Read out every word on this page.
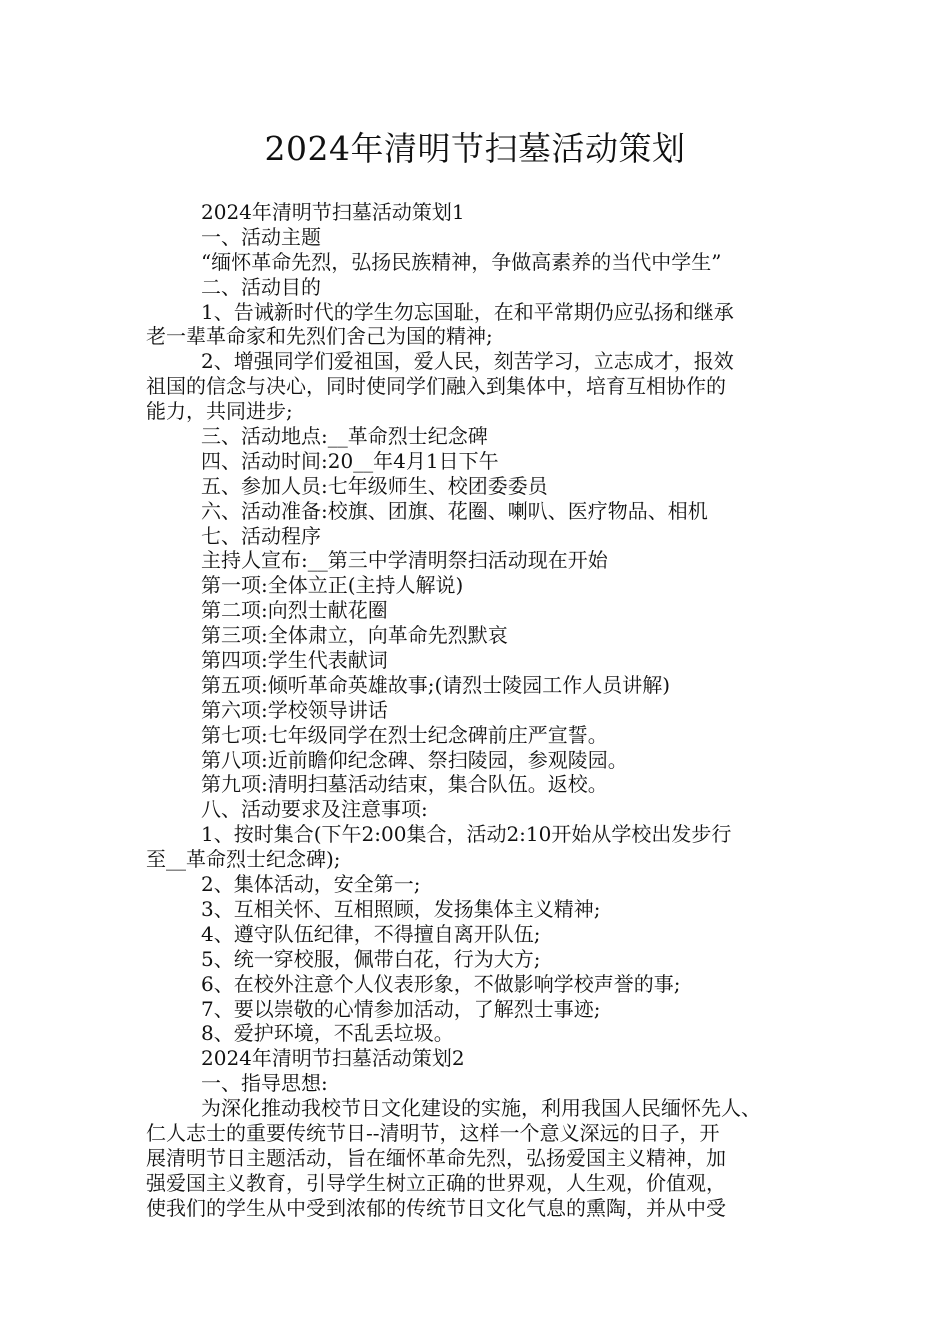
2024年清明节扫墓活动策划
2024年清明节扫墓活动策划1
一、活动主题
“缅怀革命先烈，弘扬民族精神，争做高素养的当代中学生”
二、活动目的
1、告诫新时代的学生勿忘国耻，在和平常期仍应弘扬和继承
老一辈革命家和先烈们舍己为国的精神;
2、增强同学们爱祖国，爱人民，刻苦学习，立志成才，报效
祖国的信念与决心，同时使同学们融入到集体中，培育互相协作的
能力，共同进步;
三、活动地点:__革命烈士纪念碑
四、活动时间:20__年4月1日下午
五、参加人员:七年级师生、校团委委员
六、活动准备:校旗、团旗、花圈、喇叭、医疗物品、相机
七、活动程序
主持人宣布:__第三中学清明祭扫活动现在开始
第一项:全体立正(主持人解说)
第二项:向烈士献花圈
第三项:全体肃立，向革命先烈默哀
第四项:学生代表献词
第五项:倾听革命英雄故事;(请烈士陵园工作人员讲解)
第六项:学校领导讲话
第七项:七年级同学在烈士纪念碑前庄严宣誓。
第八项:近前瞻仰纪念碑、祭扫陵园，参观陵园。
第九项:清明扫墓活动结束，集合队伍。返校。
八、活动要求及注意事项:
1、按时集合(下午2:00集合，活动2:10开始从学校出发步行
至__革命烈士纪念碑);
2、集体活动，安全第一;
3、互相关怀、互相照顾，发扬集体主义精神;
4、遵守队伍纪律，不得擅自离开队伍;
5、统一穿校服，佩带白花，行为大方;
6、在校外注意个人仪表形象，不做影响学校声誉的事;
7、要以崇敬的心情参加活动，了解烈士事迹;
8、爱护环境，不乱丢垃圾。
2024年清明节扫墓活动策划2
一、指导思想:
为深化推动我校节日文化建设的实施，利用我国人民缅怀先人、
仁人志士的重要传统节日--清明节，这样一个意义深远的日子，开
展清明节日主题活动，旨在缅怀革命先烈，弘扬爱国主义精神，加
强爱国主义教育，引导学生树立正确的世界观，人生观，价值观，
使我们的学生从中受到浓郁的传统节日文化气息的熏陶，并从中受
